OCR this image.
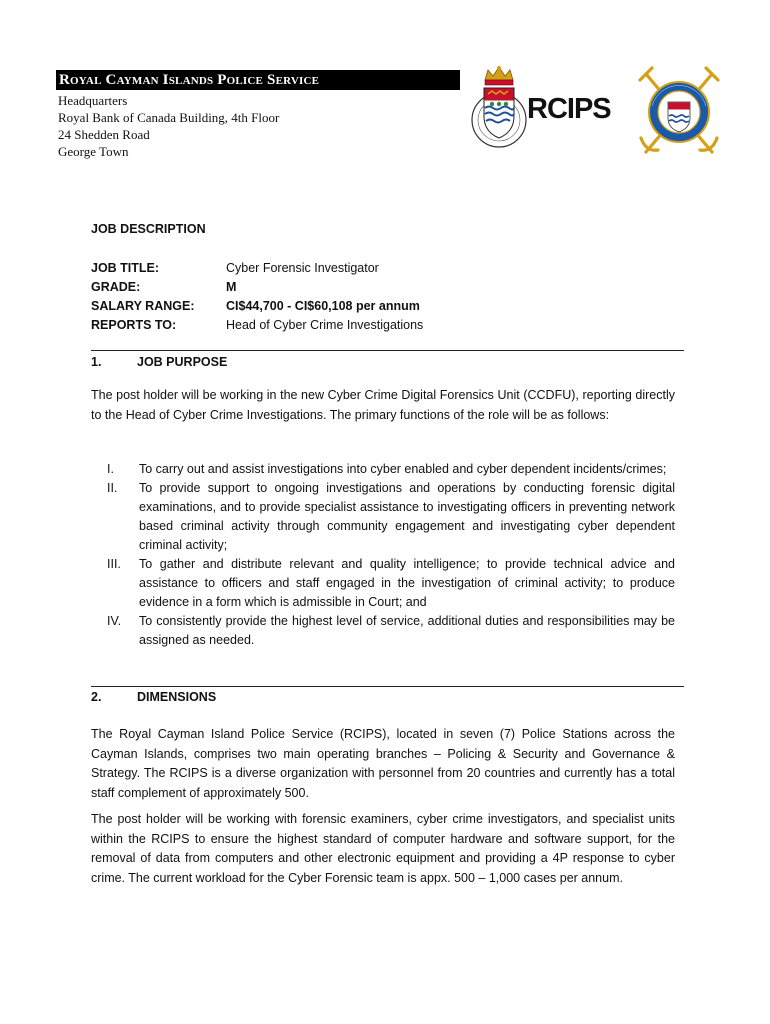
Royal Cayman Islands Police Service
Headquarters
Royal Bank of Canada Building, 4th Floor
24 Shedden Road
George Town
RCIPS
JOB DESCRIPTION
JOB TITLE:	Cyber Forensic Investigator
GRADE:	M
SALARY RANGE:	CI$44,700 - CI$60,108 per annum
REPORTS TO:	Head of Cyber Crime Investigations
1.	JOB PURPOSE
The post holder will be working in the new Cyber Crime Digital Forensics Unit (CCDFU), reporting directly to the Head of Cyber Crime Investigations. The primary functions of the role will be as follows:
I.	To carry out and assist investigations into cyber enabled and cyber dependent incidents/crimes;
II.	To provide support to ongoing investigations and operations by conducting forensic digital examinations, and to provide specialist assistance to investigating officers in preventing network based criminal activity through community engagement and investigating cyber dependent criminal activity;
III.	To gather and distribute relevant and quality intelligence; to provide technical advice and assistance to officers and staff engaged in the investigation of criminal activity; to produce evidence in a form which is admissible in Court; and
IV.	To consistently provide the highest level of service, additional duties and responsibilities may be assigned as needed.
2.	DIMENSIONS
The Royal Cayman Island Police Service (RCIPS), located in seven (7) Police Stations across the Cayman Islands, comprises two main operating branches – Policing & Security and Governance & Strategy. The RCIPS is a diverse organization with personnel from 20 countries and currently has a total staff complement of approximately 500.
The post holder will be working with forensic examiners, cyber crime investigators, and specialist units within the RCIPS to ensure the highest standard of computer hardware and software support, for the removal of data from computers and other electronic equipment and providing a 4P response to cyber crime. The current workload for the Cyber Forensic team is appx. 500 – 1,000 cases per annum.
